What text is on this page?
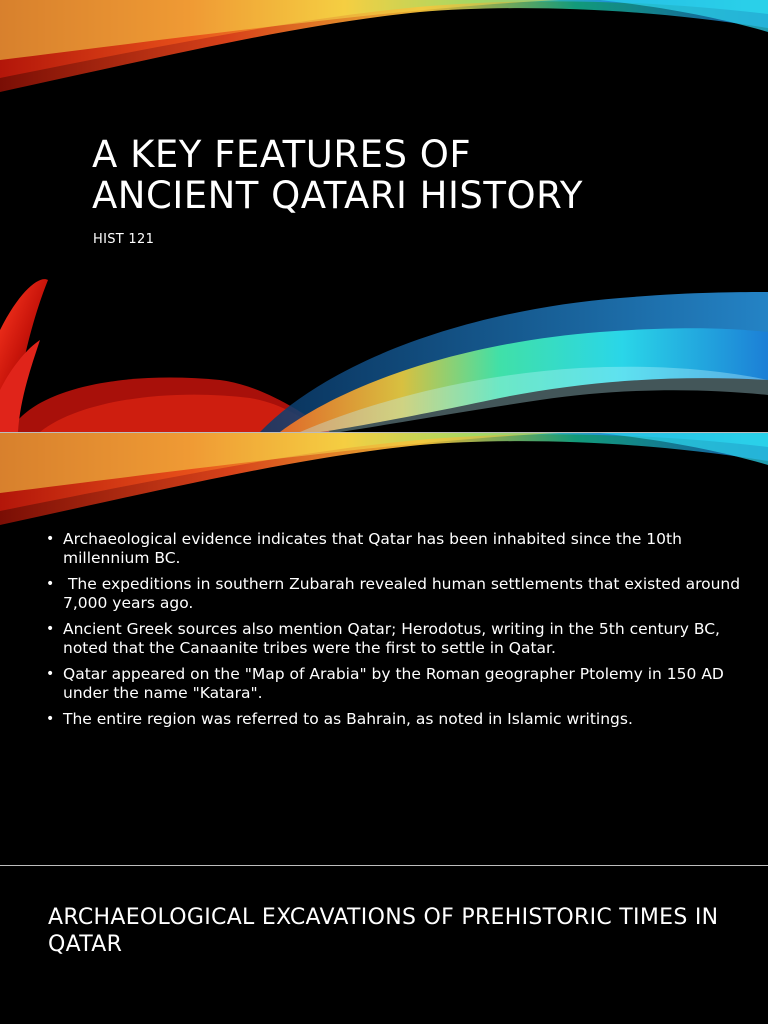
A KEY FEATURES OF
ANCIENT QATARI HISTORY
HIST 121
• Archaeological evidence indicates that Qatar has been inhabited since the 10th millennium BC.
• The expeditions in southern Zubarah revealed human settlements that existed around 7,000 years ago.
• Ancient Greek sources also mention Qatar; Herodotus, writing in the 5th century BC, noted that the Canaanite tribes were the first to settle in Qatar.
• Qatar appeared on the "Map of Arabia" by the Roman geographer Ptolemy in 150 AD under the name "Katara".
• The entire region was referred to as Bahrain, as noted in Islamic writings.
ARCHAEOLOGICAL EXCAVATIONS OF PREHISTORIC TIMES IN QATAR
